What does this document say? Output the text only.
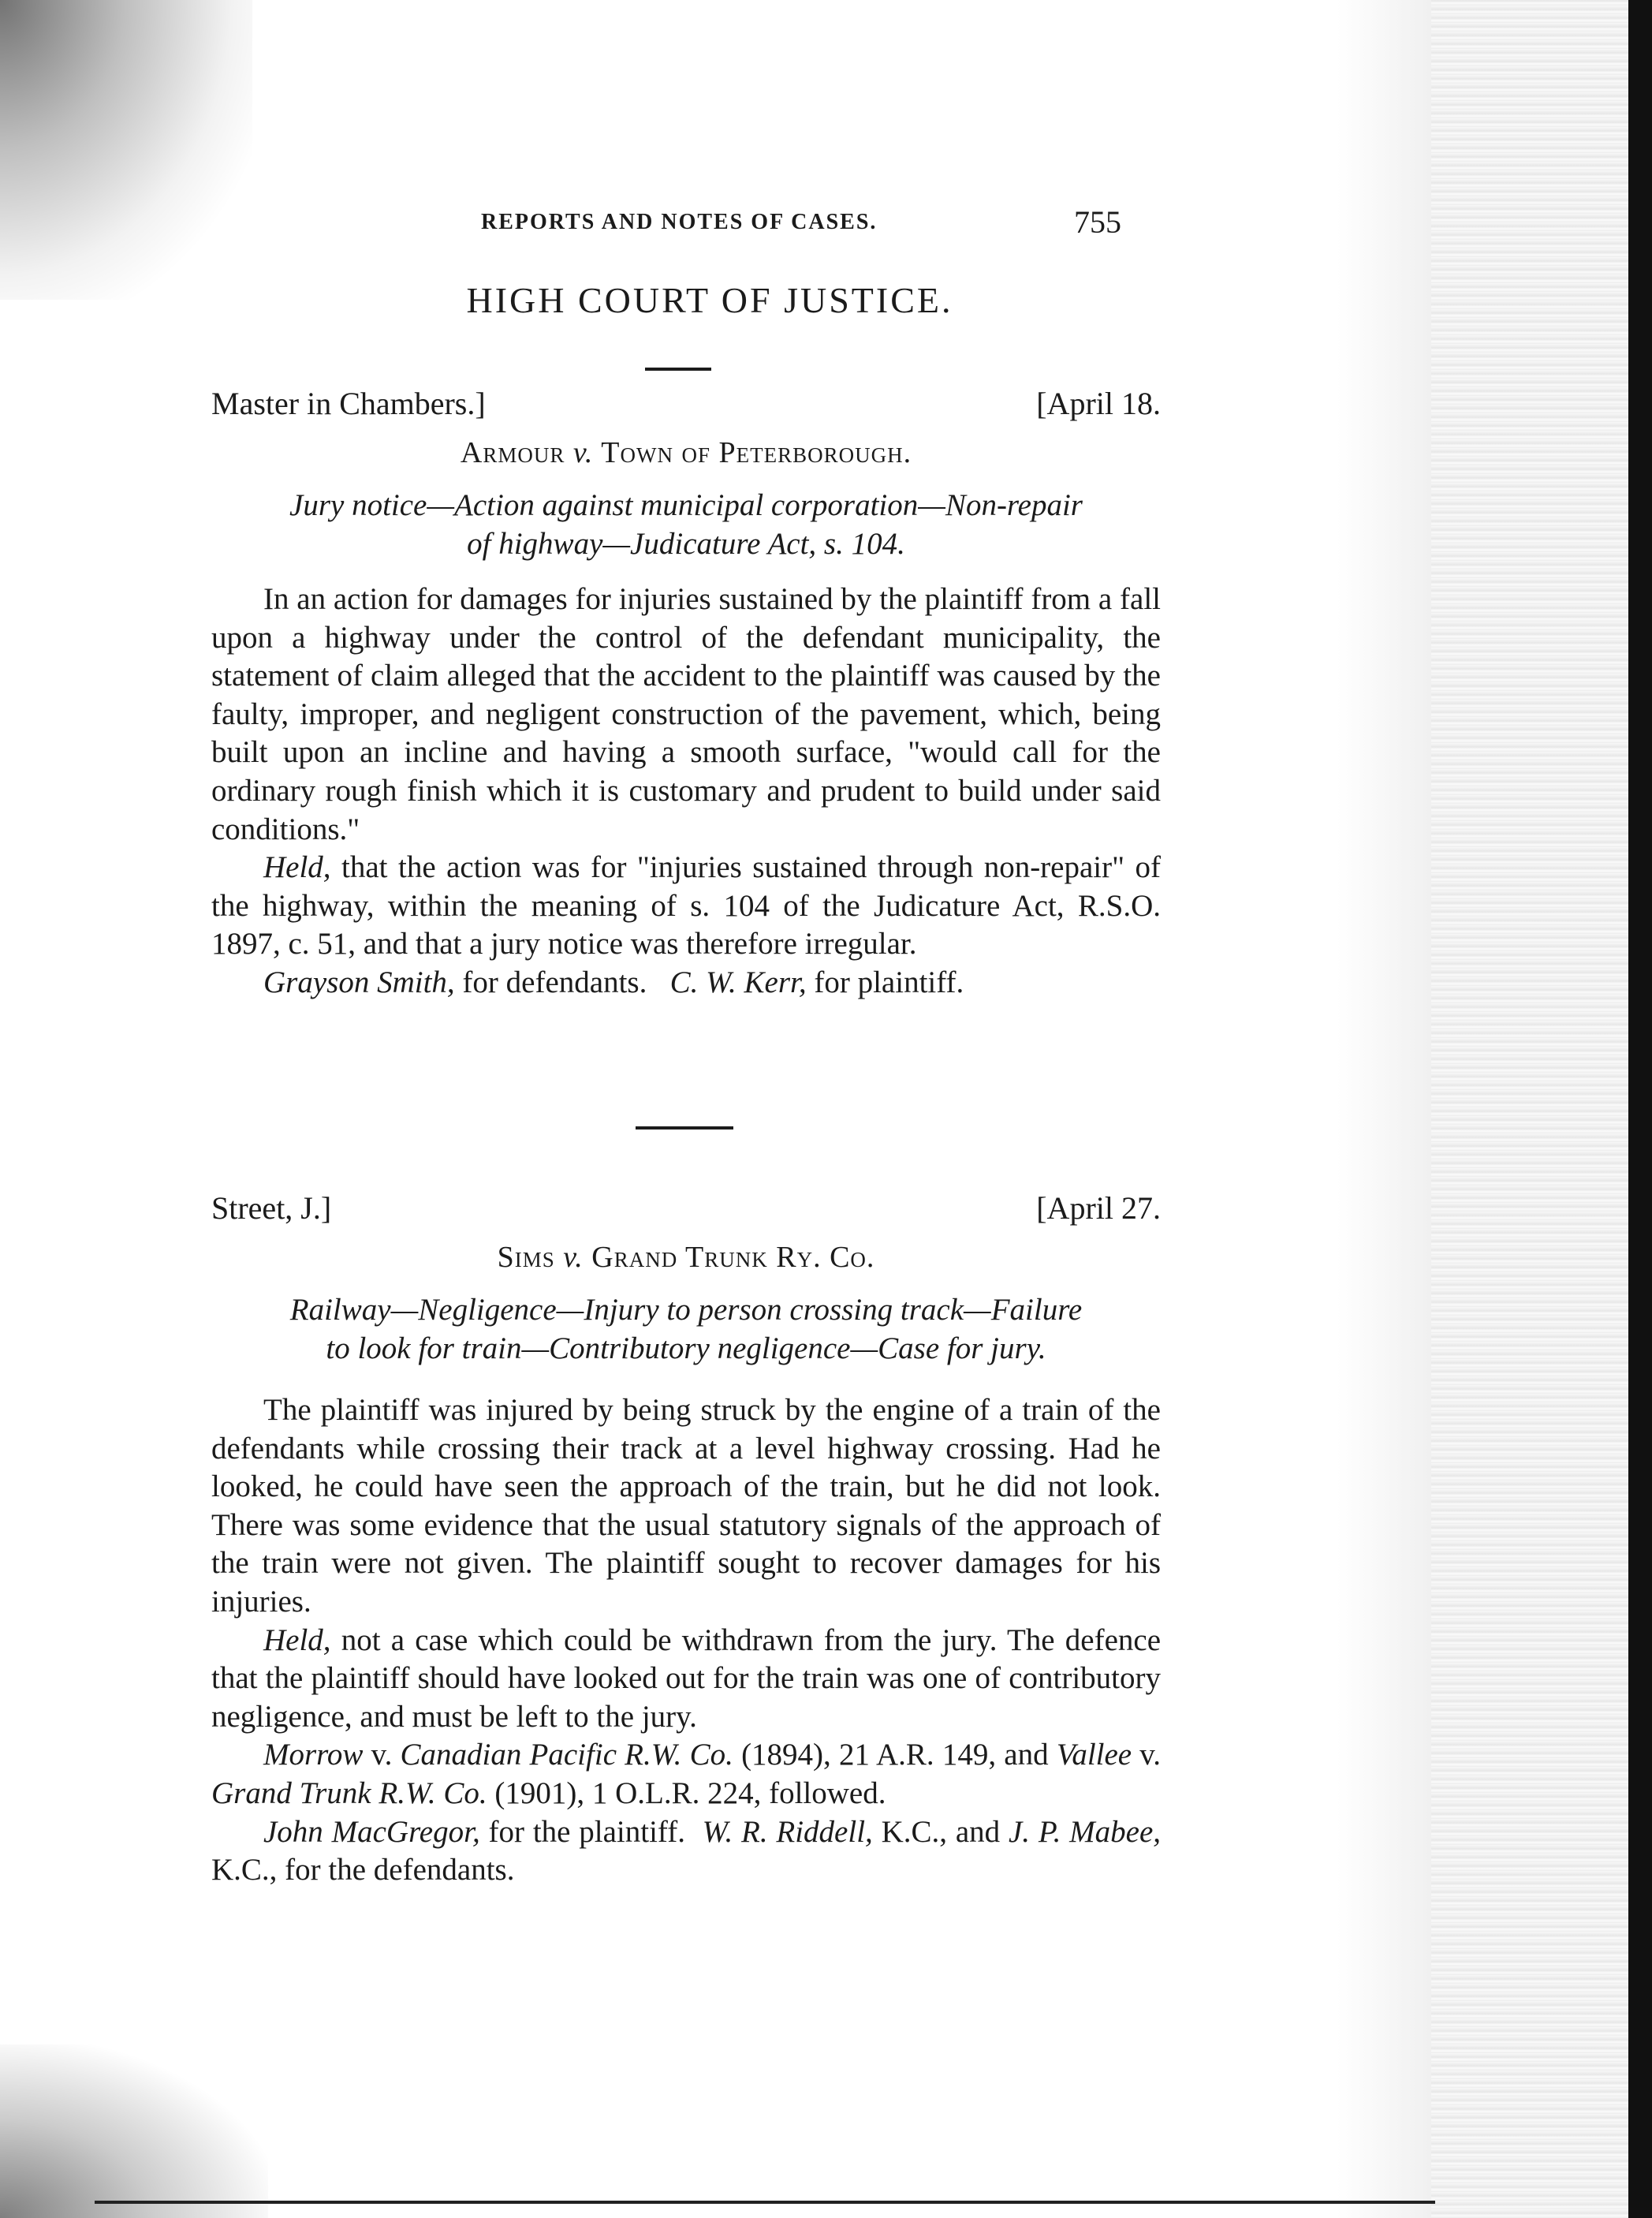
REPORTS AND NOTES OF CASES.	755
HIGH COURT OF JUSTICE.
Master in Chambers.]	[April 18.
Armour v. Town of Peterborough.
Jury notice—Action against municipal corporation—Non-repair
of highway—Judicature Act, s. 104.

In an action for damages for injuries sustained by the plaintiff from a fall upon a highway under the control of the defendant municipality, the statement of claim alleged that the accident to the plaintiff was caused by the faulty, improper, and negligent construction of the pavement, which, being built upon an incline and having a smooth surface, "would call for the ordinary rough finish which it is customary and prudent to build under said conditions."

Held, that the action was for "injuries sustained through non-repair" of the highway, within the meaning of s. 104 of the Judicature Act, R.S.O. 1897, c. 51, and that a jury notice was therefore irregular.

Grayson Smith, for defendants. C. W. Kerr, for plaintiff.

Street, J.]	[April 27.
Sims v. Grand Trunk Ry. Co.
Railway—Negligence—Injury to person crossing track—Failure
to look for train—Contributory negligence—Case for jury.

The plaintiff was injured by being struck by the engine of a train of the defendants while crossing their track at a level highway crossing. Had he looked, he could have seen the approach of the train, but he did not look. There was some evidence that the usual statutory signals of the approach of the train were not given. The plaintiff sought to recover damages for his injuries.

Held, not a case which could be withdrawn from the jury. The defence that the plaintiff should have looked out for the train was one of contributory negligence, and must be left to the jury.

Morrow v. Canadian Pacific R.W. Co. (1894), 21 A.R. 149, and Vallee v. Grand Trunk R.W. Co. (1901), 1 O.L.R. 224, followed.

John MacGregor, for the plaintiff. W. R. Riddell, K.C., and J. P. Mabee, K.C., for the defendants.
